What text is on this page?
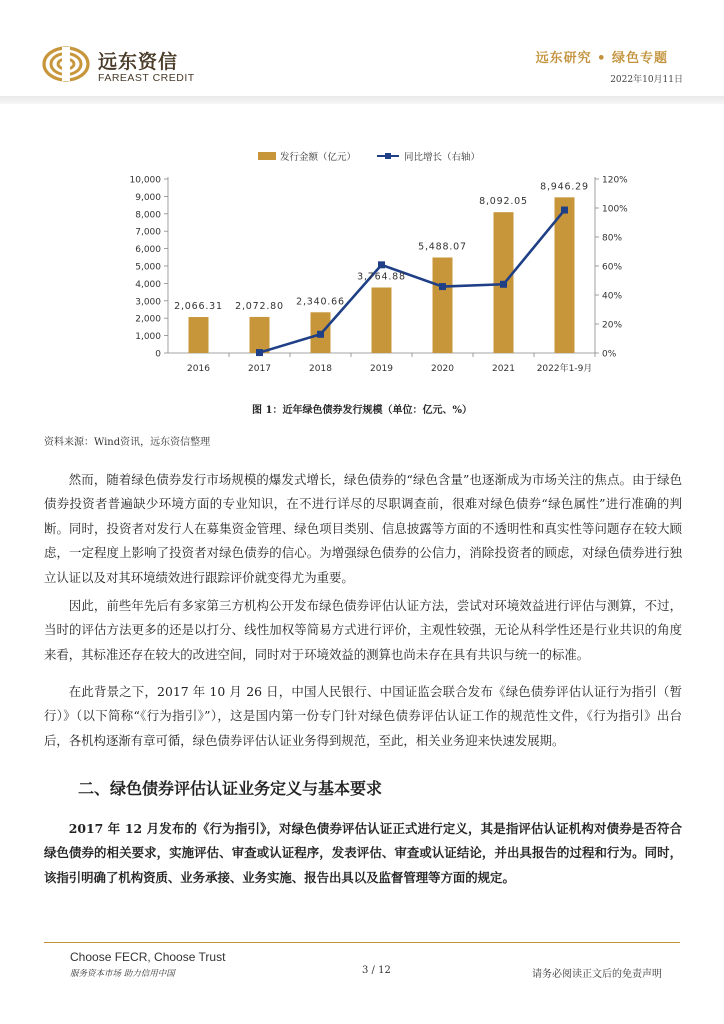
远东资信
FAREAST CREDIT
远东研究 • 绿色专题
2022年10月11日
发行金额（亿元）	同比增长（右轴）
0
1,000
2,000
3,000
4,000
5,000
6,000
7,000
8,000
9,000
10,000
0%
20%
40%
60%
80%
100%
120%
2016	2017	2018	2019	2020	2021 2022年1-9月
2,066.31 2,072.80 2,340.66
3,764.88
5,488.07
8,092.05
8,946.29
图 1：近年绿色债券发行规模（单位：亿元、%）
资料来源：Wind资讯，远东资信整理

然而，随着绿色债券发行市场规模的爆发式增长，绿色债券的“绿色含量”也逐渐成为市场关注的焦点。由于绿色债券投资者普遍缺少环境方面的专业知识，在不进行详尽的尽职调查前，很难对绿色债券“绿色属性”进行准确的判断。同时，投资者对发行人在募集资金管理、绿色项目类别、信息披露等方面的不透明性和真实性等问题存在较大顾虑，一定程度上影响了投资者对绿色债券的信心。为增强绿色债券的公信力，消除投资者的顾虑，对绿色债券进行独立认证以及对其环境绩效进行跟踪评价就变得尤为重要。

因此，前些年先后有多家第三方机构公开发布绿色债券评估认证方法，尝试对环境效益进行评估与测算，不过，当时的评估方法更多的还是以打分、线性加权等简易方式进行评价，主观性较强，无论从科学性还是行业共识的角度来看，其标准还存在较大的改进空间，同时对于环境效益的测算也尚未存在具有共识与统一的标准。

在此背景之下，2017 年 10 月 26 日，中国人民银行、中国证监会联合发布《绿色债券评估认证行为指引（暂行）》（以下简称“《行为指引》”），这是国内第一份专门针对绿色债券评估认证工作的规范性文件，《行为指引》出台后，各机构逐渐有章可循，绿色债券评估认证业务得到规范，至此，相关业务迎来快速发展期。

二、绿色债券评估认证业务定义与基本要求

2017 年 12 月发布的《行为指引》，对绿色债券评估认证正式进行定义，其是指评估认证机构对债券是否符合绿色债券的相关要求，实施评估、审查或认证程序，发表评估、审查或认证结论，并出具报告的过程和行为。同时，该指引明确了机构资质、业务承接、业务实施、报告出具以及监督管理等方面的规定。

Choose FECR, Choose Trust
服务资本市场 助力信用中国	3 / 12	请务必阅读正文后的免责声明
